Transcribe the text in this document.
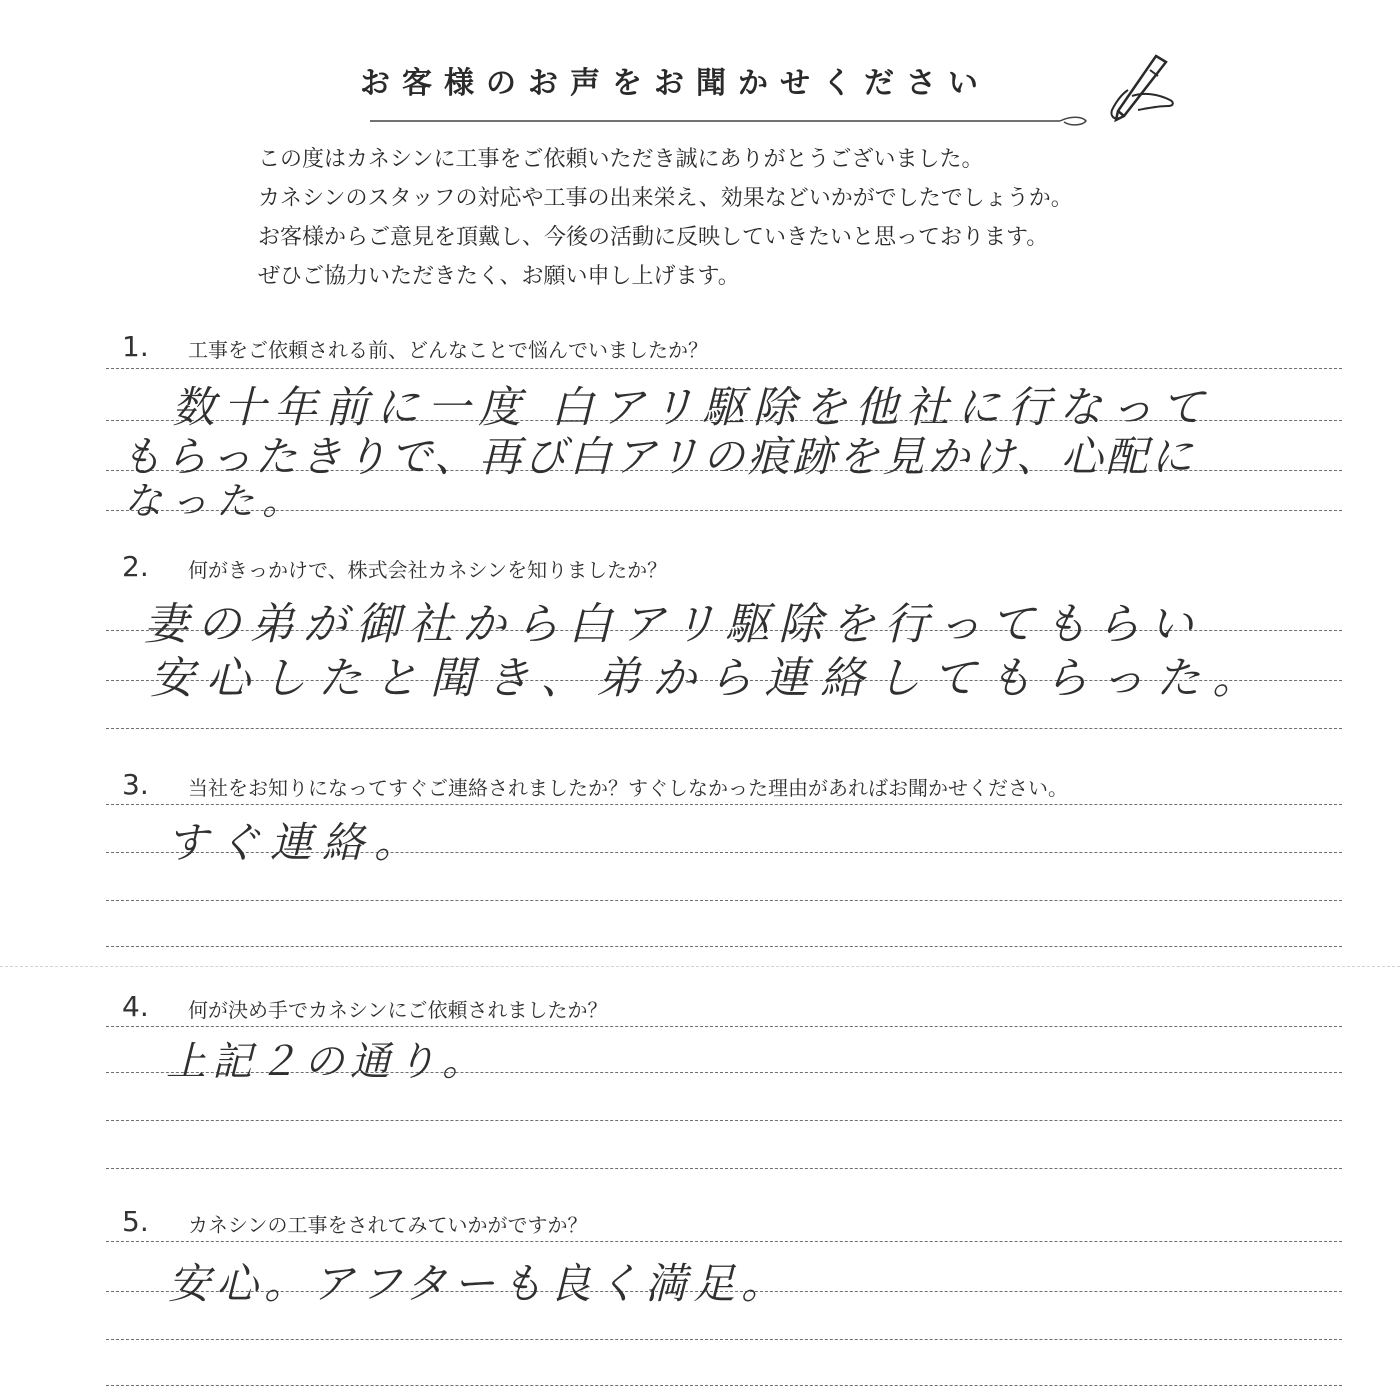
お客様のお声をお聞かせください

この度はカネシンに工事をご依頼いただき誠にありがとうございました。

カネシンのスタッフの対応や工事の出来栄え、効果などいかがでしたでしょうか。

お客様からご意見を頂戴し、今後の活動に反映していきたいと思っております。

ぜひご協力いただきたく、お願い申し上げます。

1. 工事をご依頼される前、どんなことで悩んでいましたか？
数十年前に一度 白アリ駆除を他社に行なって
もらったきりで、再び白アリの痕跡を見かけ、心配に
なった。
2. 何がきっかけで、株式会社カネシンを知りましたか？
妻の弟が御社から白アリ駆除を行ってもらい
安心したと聞き、弟から連絡してもらった。
3. 当社をお知りになってすぐご連絡されましたか？すぐしなかった理由があればお聞かせください。
すぐ連絡。
4. 何が決め手でカネシンにご依頼されましたか？
上記２の通り。
5. カネシンの工事をされてみていかがですか？
安心。アフターも良く満足。
